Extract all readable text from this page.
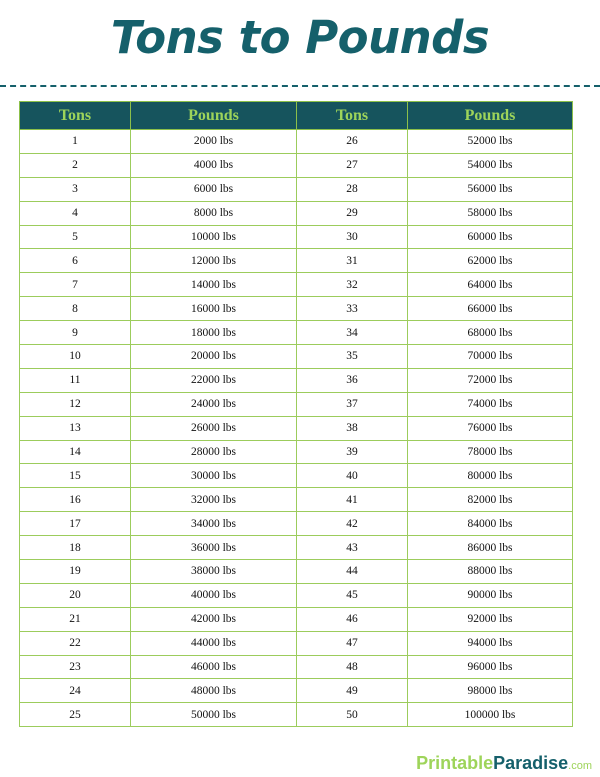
Tons to Pounds
Tons	Pounds	Tons	Pounds
1	2000 lbs	26	52000 lbs
2	4000 lbs	27	54000 lbs
3	6000 lbs	28	56000 lbs
4	8000 lbs	29	58000 lbs
5	10000 lbs	30	60000 lbs
6	12000 lbs	31	62000 lbs
7	14000 lbs	32	64000 lbs
8	16000 lbs	33	66000 lbs
9	18000 lbs	34	68000 lbs
10	20000 lbs	35	70000 lbs
11	22000 lbs	36	72000 lbs
12	24000 lbs	37	74000 lbs
13	26000 lbs	38	76000 lbs
14	28000 lbs	39	78000 lbs
15	30000 lbs	40	80000 lbs
16	32000 lbs	41	82000 lbs
17	34000 lbs	42	84000 lbs
18	36000 lbs	43	86000 lbs
19	38000 lbs	44	88000 lbs
20	40000 lbs	45	90000 lbs
21	42000 lbs	46	92000 lbs
22	44000 lbs	47	94000 lbs
23	46000 lbs	48	96000 lbs
24	48000 lbs	49	98000 lbs
25	50000 lbs	50	100000 lbs
PrintableParadise.com
